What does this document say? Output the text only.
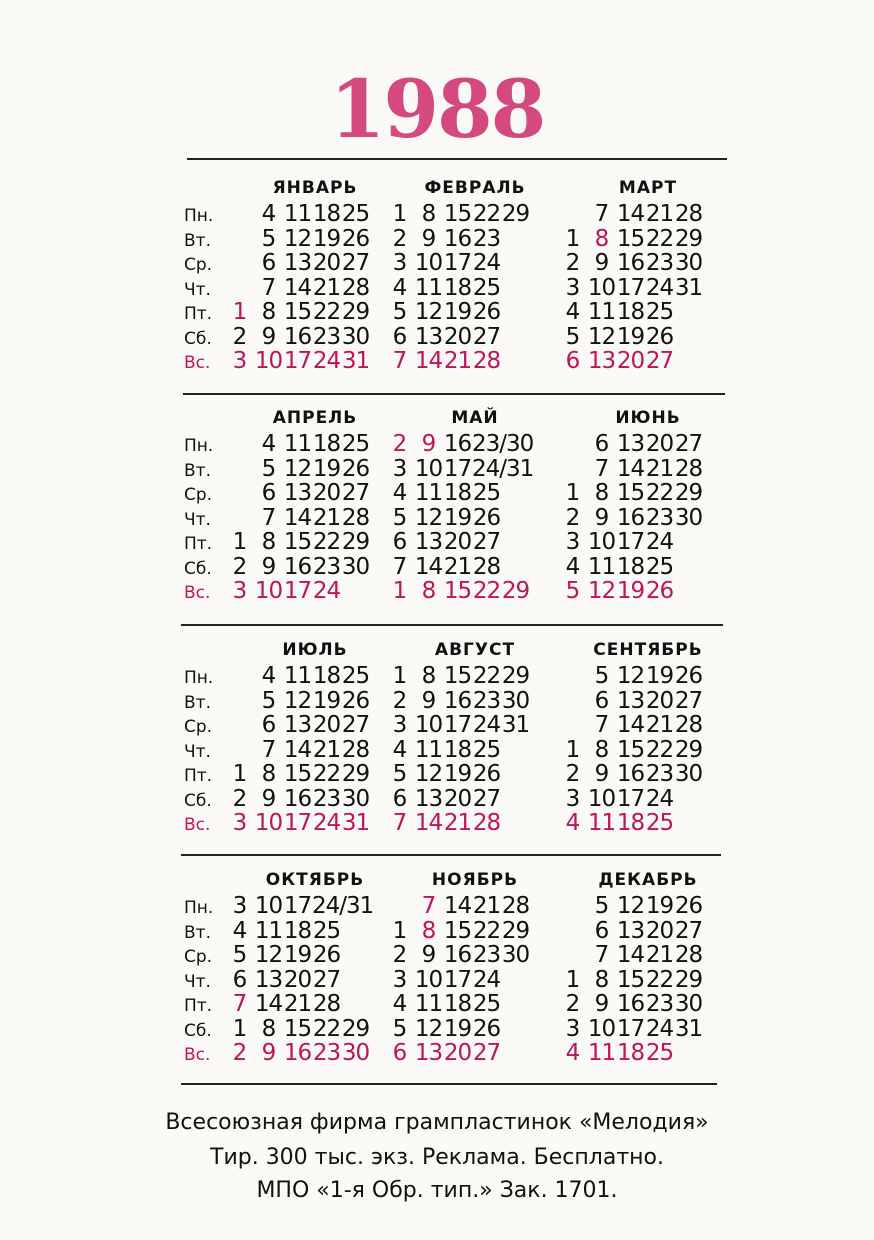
1988
Пн.
Вт.
Ср.
Чт.
Пт.
Сб.
Вс.
ЯНВАРЬ
4 11 18 25
5 12 19 26
6 13 20 27
7 14 21 28
1 8 15 22 29
2 9 16 23 30
3 10 17 24 31
ФЕВРАЛЬ
1 8 15 22 29
2 9 16 23
3 10 17 24
4 11 18 25
5 12 19 26
6 13 20 27
7 14 21 28
МАРТ
7 14 21 28
1 8 15 22 29
2 9 16 23 30
3 10 17 24 31
4 11 18 25
5 12 19 26
6 13 20 27
Пн.
Вт.
Ср.
Чт.
Пт.
Сб.
Вс.
АПРЕЛЬ
4 11 18 25
5 12 19 26
6 13 20 27
7 14 21 28
1 8 15 22 29
2 9 16 23 30
3 10 17 24
МАЙ
2 9 16 23/30
3 10 17 24/31
4 11 18 25
5 12 19 26
6 13 20 27
7 14 21 28
1 8 15 22 29
ИЮНЬ
6 13 20 27
7 14 21 28
1 8 15 22 29
2 9 16 23 30
3 10 17 24
4 11 18 25
5 12 19 26
Пн.
Вт.
Ср.
Чт.
Пт.
Сб.
Вс.
ИЮЛЬ
4 11 18 25
5 12 19 26
6 13 20 27
7 14 21 28
1 8 15 22 29
2 9 16 23 30
3 10 17 24 31
АВГУСТ
1 8 15 22 29
2 9 16 23 30
3 10 17 24 31
4 11 18 25
5 12 19 26
6 13 20 27
7 14 21 28
СЕНТЯБРЬ
5 12 19 26
6 13 20 27
7 14 21 28
1 8 15 22 29
2 9 16 23 30
3 10 17 24
4 11 18 25
Пн.
Вт.
Ср.
Чт.
Пт.
Сб.
Вс.
ОКТЯБРЬ
3 10 17 24/31
4 11 18 25
5 12 19 26
6 13 20 27
7 14 21 28
1 8 15 22 29
2 9 16 23 30
НОЯБРЬ
7 14 21 28
1 8 15 22 29
2 9 16 23 30
3 10 17 24
4 11 18 25
5 12 19 26
6 13 20 27
ДЕКАБРЬ
5 12 19 26
6 13 20 27
7 14 21 28
1 8 15 22 29
2 9 16 23 30
3 10 17 24 31
4 11 18 25
Всесоюзная фирма грампластинок «Мелодия»
Тир. 300 тыс. экз. Реклама. Бесплатно.
МПО «1-я Обр. тип.» Зак. 1701.
